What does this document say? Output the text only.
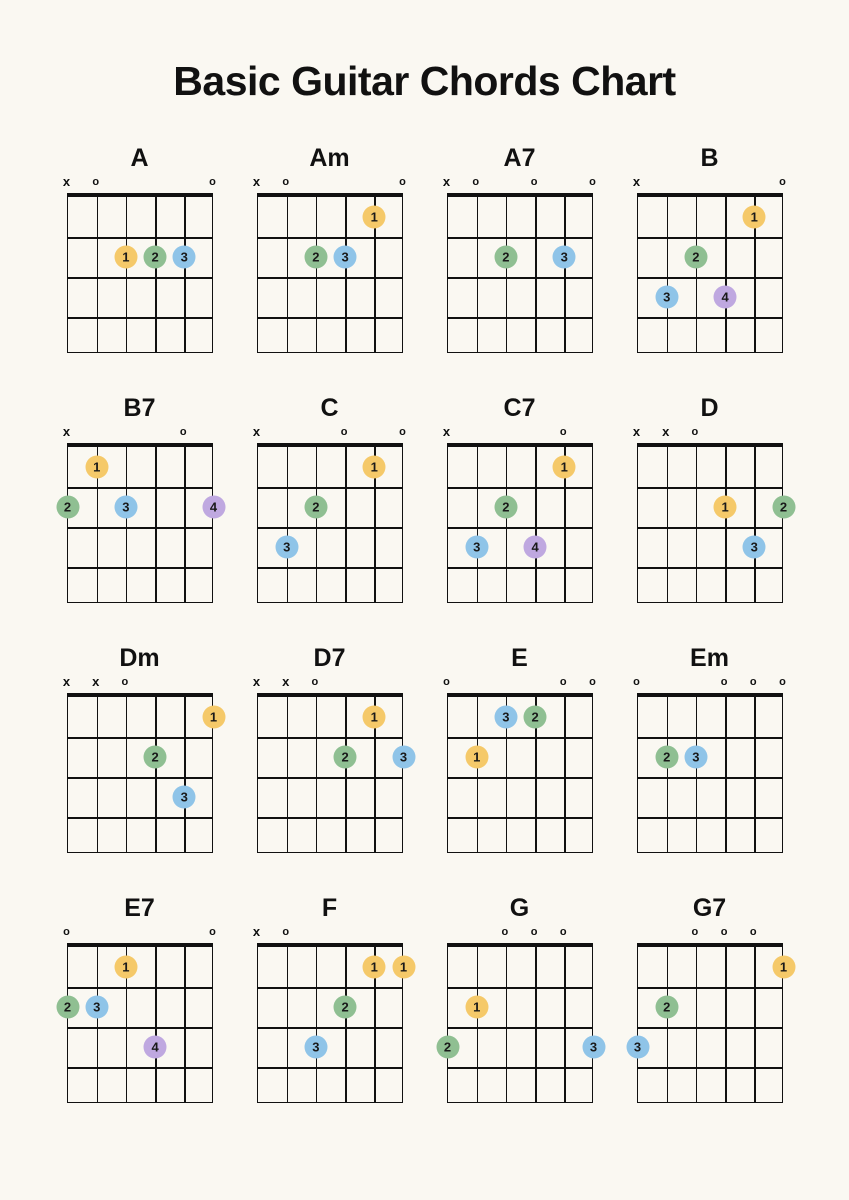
Basic Guitar Chords Chart
A
x	o	o
1	2	3
Am
x	o	o
1
2	3
A7
x	o	o	o
2	3
B
x	o
1
2
3	4
B7
x	o
1
2	3	4
C
x	o	o
1
2
3
C7
x	o
1
2
3	4
D
x x	o
1	2
3
Dm
x x	o
1
2
3
D7
x x	o
1
2	3
E
o	o	o
1
2
3
Em
o	o	o	o
2	3
E7
o	o
1
2	3
4
F
x	o
1	1
2
3
G
o	o	o
1
2	3
G7
o	o	o
1
2
3
